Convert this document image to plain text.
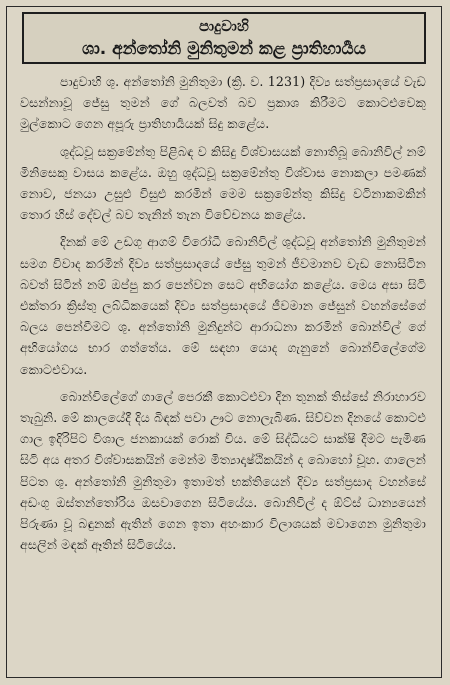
පාදුවාහි
ශා. අන්තෝනි මුනිතුමන් කළ ප්‍රාතිහාර්‍යය

පාදුවාහි ශු. අන්තෝනි මුනිතුමා (ක්‍රි. ව. 1231) දිව්‍ය සත්ප්‍රසාදයේ වැඩ වසන්නාවූ ජේසු තුමන් ගේ බලවත් බව ප්‍රකාශ කිරීමට කොටඑවෙකු මුල්කොට ගෙන අපූරු ප්‍රාතිහාර්‍යයක් සිදු කළේය.

ශුද්ධවූ සක්‍රමේන්තු පිළිබඳ ව කිසිදු විශ්වාසයක් නොතිබූ බොනිවිල් නම් මිනිසෙකු වාසය කළේය. ඔහු ශුද්ධවූ සක්‍රමේන්තු විශ්වාස නොකලා පමණක් නොව, ජනයා උසුළු විසුළු කරමින් මෙම සක්‍රමේන්තු කිසිදු වටිනාකමකින් තොර හිස් දේවල් බව තැනින් තැන විවේචනය කළේය.

දිනක් මේ උඩගු ආගම් විරෝධී බොනිවිල් ශුද්ධවූ අන්තෝනි මුනිතුමන් සමග විවාද කරමින් දිව්‍ය සත්ප්‍රසාදයේ ජේසු තුමන් ජීවමානව වැඩ නොසිටින බවත් සිටින් නම් ඔප්පු කර පෙන්වන සෙට අභියෝග කළේය. මෙය අසා සිටි එක්තරා ක්‍රිස්තු ලබ්ධිකයෙක් දිව්‍ය සත්ප්‍රසාදයේ ජීවමාන ජේසුන් වහන්සේගේ බලය පෙන්වීමට ශු. අන්තෝනි මුනිදුන්ට ආරාධනා කරමින් බොන්විල් ගේ අභියෝගය භාර ගත්තේය. මේ සඳහා යොද ගැනුනේ බොන්විලේගේම කොටඑවාය.

බොන්විලේගේ ගාලේ පෙරකී කොටඑවා දින තුනක් තිස්සේ නිරාහාරව තැබුනි. මේ කාලයේදී දිය බිඳක් පවා ඌට නොලැබිණ. සිව්වන දිනයේ කොටඑ ගාල ඉදිරිපිට විශාල ජනකායක් රොක් විය. මේ සිද්ධියට සාක්ෂි දීමට පැමිණ සිටි අය අතර විශ්වාසකයින් මෙන්ම මිත්‍යාදෘෂ්ඨිකයින් ද බොහෝ වූහ. ගාලෙන් පිටත ශු. අන්තෝනි මුනිතුමා ඉතාමත් භක්තියෙන් දිව්‍ය සත්ප්‍රසාද වහන්සේ අඩංගු ඔස්තන්තෝරිය ඔසවාගෙන සිටියේය. බොනිවිල් ද ඕට්ස් ධාන්‍යයෙන් පිරුණා වූ බඳුනක් ඇතින් ගෙන ඉතා අහංකාර විලාශයක් මවාගෙන මුනිතුමා අසලින් මඳක් ඈතින් සිටියේය.
